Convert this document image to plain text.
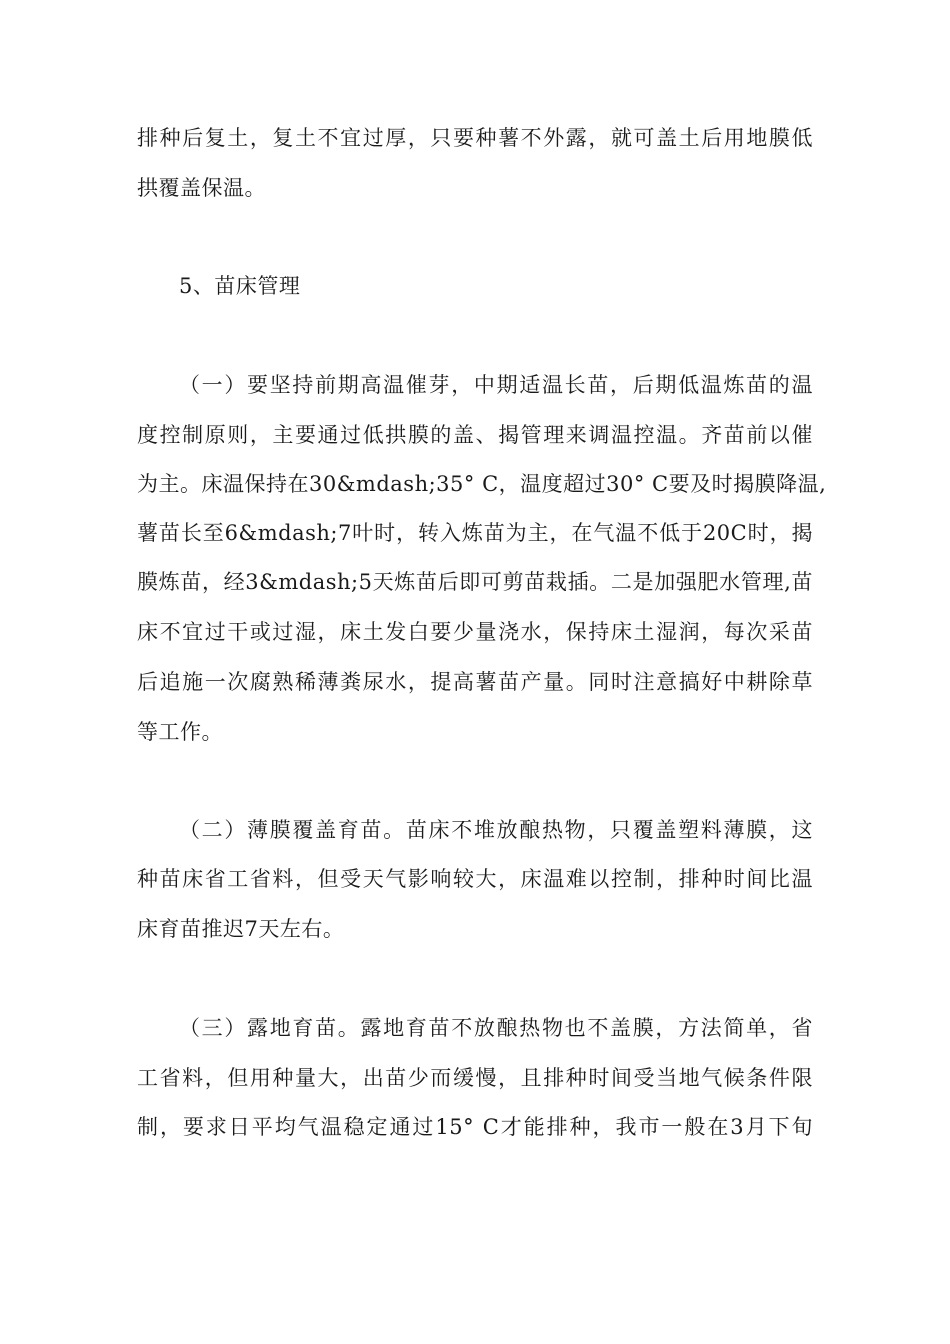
排种后复土，复土不宜过厚，只要种薯不外露，就可盖土后用地膜低
拱覆盖保温。
5、苗床管理
（一）要坚持前期高温催芽，中期适温长苗，后期低温炼苗的温
度控制原则，主要通过低拱膜的盖、揭管理来调温控温。齐苗前以催
为主。床温保持在30&mdash;35° C，温度超过30° C要及时揭膜降温,
薯苗长至6&mdash;7叶时，转入炼苗为主，在气温不低于20C时，揭
膜炼苗，经3&mdash;5天炼苗后即可剪苗栽插。二是加强肥水管理,苗
床不宜过干或过湿，床土发白要少量浇水，保持床土湿润，每次采苗
后追施一次腐熟稀薄粪尿水，提高薯苗产量。同时注意搞好中耕除草
等工作。
（二）薄膜覆盖育苗。苗床不堆放酿热物，只覆盖塑料薄膜，这
种苗床省工省料，但受天气影响较大，床温难以控制，排种时间比温
床育苗推迟7天左右。
（三）露地育苗。露地育苗不放酿热物也不盖膜，方法简单，省
工省料，但用种量大，出苗少而缓慢，且排种时间受当地气候条件限
制，要求日平均气温稳定通过15° C才能排种，我市一般在3月下旬
